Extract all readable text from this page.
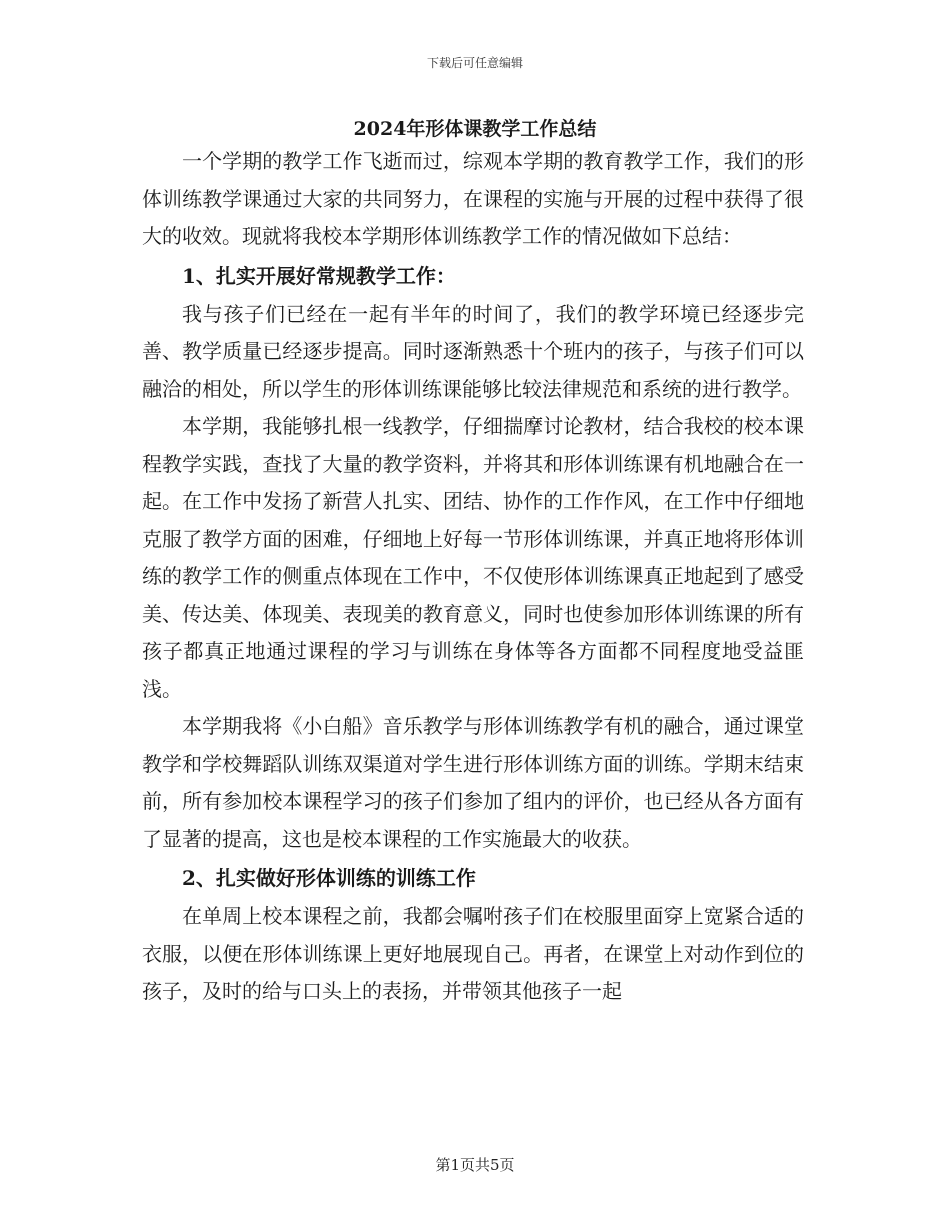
下载后可任意编辑
2024年形体课教学工作总结

一个学期的教学工作飞逝而过，综观本学期的教育教学工作，我们的形体训练教学课通过大家的共同努力，在课程的实施与开展的过程中获得了很大的收效。现就将我校本学期形体训练教学工作的情况做如下总结：

1、扎实开展好常规教学工作：

我与孩子们已经在一起有半年的时间了，我们的教学环境已经逐步完善、教学质量已经逐步提高。同时逐渐熟悉十个班内的孩子，与孩子们可以融洽的相处，所以学生的形体训练课能够比较法律规范和系统的进行教学。

本学期，我能够扎根一线教学，仔细揣摩讨论教材，结合我校的校本课程教学实践，查找了大量的教学资料，并将其和形体训练课有机地融合在一起。在工作中发扬了新营人扎实、团结、协作的工作作风，在工作中仔细地克服了教学方面的困难，仔细地上好每一节形体训练课，并真正地将形体训练的教学工作的侧重点体现在工作中，不仅使形体训练课真正地起到了感受美、传达美、体现美、表现美的教育意义，同时也使参加形体训练课的所有孩子都真正地通过课程的学习与训练在身体等各方面都不同程度地受益匪浅。

本学期我将《小白船》音乐教学与形体训练教学有机的融合，通过课堂教学和学校舞蹈队训练双渠道对学生进行形体训练方面的训练。学期末结束前，所有参加校本课程学习的孩子们参加了组内的评价，也已经从各方面有了显著的提高，这也是校本课程的工作实施最大的收获。

2、扎实做好形体训练的训练工作

在单周上校本课程之前，我都会嘱咐孩子们在校服里面穿上宽紧合适的衣服，以便在形体训练课上更好地展现自己。再者，在课堂上对动作到位的孩子，及时的给与口头上的表扬，并带领其他孩子一起

第1页共5页
